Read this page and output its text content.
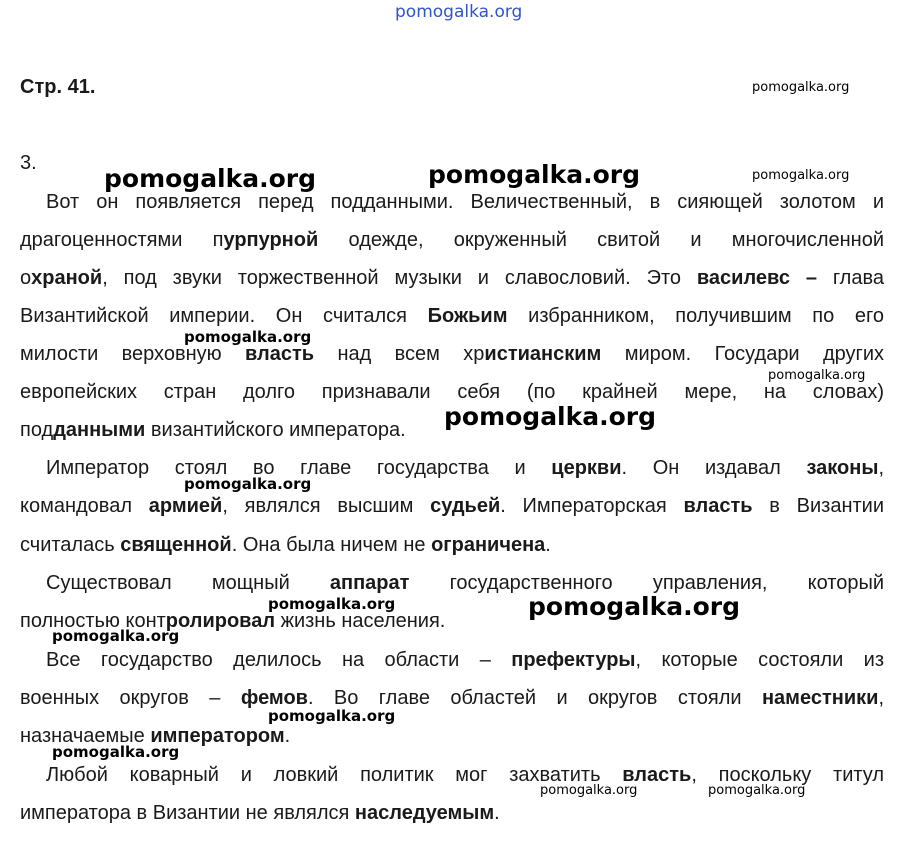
pomogalka.org
Стр. 41.	pomogalka.org
3.
pomogalka.org	pomogalka.org	pomogalka.org
Вот он появляется перед подданными. Величественный, в сияющей золотом и
драгоценностями пурпурной одежде, окруженный свитой и многочисленной
охраной, под звуки торжественной музыки и славословий. Это василевс – глава
Византийской империи. Он считался Божьим избранником, получившим по его
pomogalka.org
милости верховную власть над всем христианским миром. Государи других
pomogalka.org
европейских стран долго признавали себя (по крайней мере, на словах)
pomogalka.org
подданными византийского императора.
Император стоял во главе государства и церкви. Он издавал законы,
pomogalka.org
командовал армией, являлся высшим судьей. Императорская власть в Византии
считалась священной. Она была ничем не ограничена.
Существовал мощный аппарат государственного управления, который
pomogalka.org	pomogalka.org
полностью контролировал жизнь населения.
pomogalka.org
Все государство делилось на области – префектуры, которые состояли из
военных округов – фемов. Во главе областей и округов стояли наместники,
pomogalka.org
назначаемые императором.
pomogalka.org
Любой коварный и ловкий политик мог захватить власть, поскольку титул
pomogalka.org	pomogalka.org
императора в Византии не являлся наследуемым.
